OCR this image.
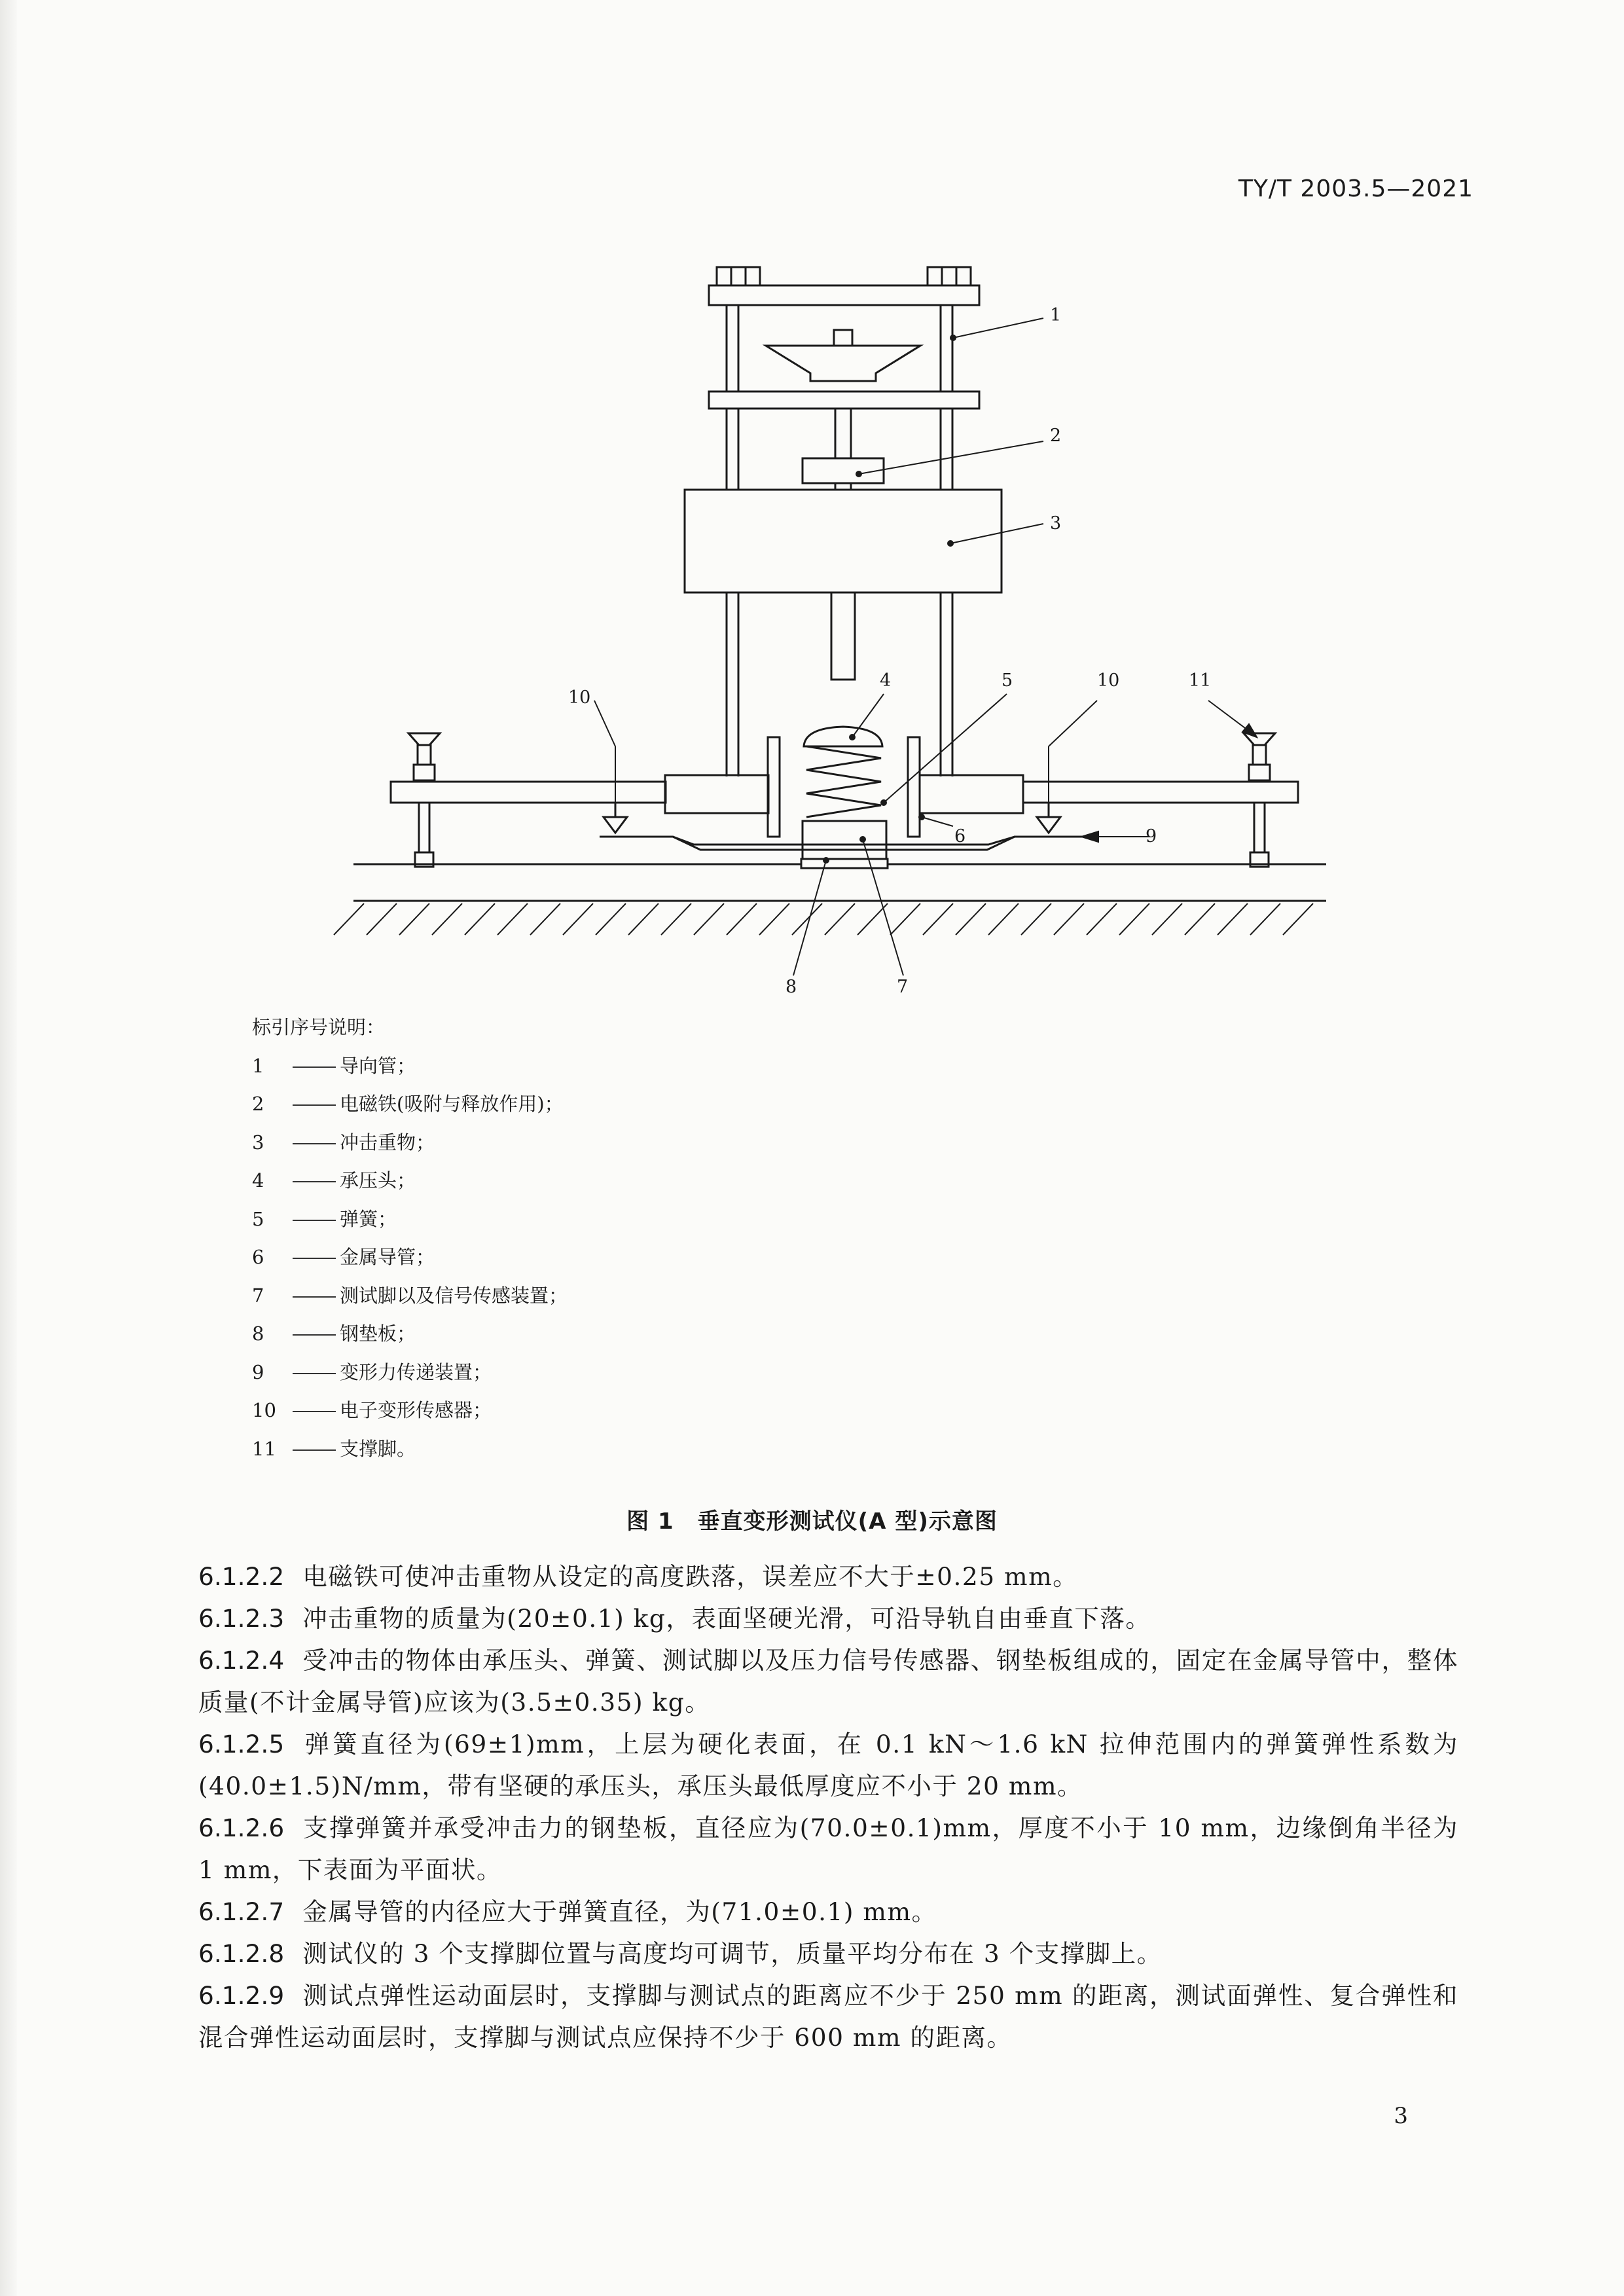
TY/T 2003.5—2021
1
2
3
4	5
6
7
8
9
10
10	11
标引序号说明：
1	导向管；
2	电磁铁(吸附与释放作用)；
3	冲击重物；
4	承压头；
5	弹簧；
6	金属导管；
7	测试脚以及信号传感装置；
8	钢垫板；
9	变形力传递装置；
10	电子变形传感器；
11	支撑脚。
图 1 垂直变形测试仪(A 型)示意图
6.1.2.2 电磁铁可使冲击重物从设定的高度跌落，误差应不大于±0.25 mm。
6.1.2.3 冲击重物的质量为(20±0.1) kg，表面坚硬光滑，可沿导轨自由垂直下落。
6.1.2.4 受冲击的物体由承压头、弹簧、测试脚以及压力信号传感器、钢垫板组成的，固定在金属导管中，整体质量(不计金属导管)应该为(3.5±0.35) kg。
6.1.2.5 弹簧直径为(69±1)mm，上层为硬化表面，在 0.1 kN～1.6 kN 拉伸范围内的弹簧弹性系数为(40.0±1.5)N/mm，带有坚硬的承压头，承压头最低厚度应不小于 20 mm。
6.1.2.6 支撑弹簧并承受冲击力的钢垫板，直径应为(70.0±0.1)mm，厚度不小于 10 mm，边缘倒角半径为 1 mm，下表面为平面状。
6.1.2.7 金属导管的内径应大于弹簧直径，为(71.0±0.1) mm。
6.1.2.8 测试仪的 3 个支撑脚位置与高度均可调节，质量平均分布在 3 个支撑脚上。
6.1.2.9 测试点弹性运动面层时，支撑脚与测试点的距离应不少于 250 mm 的距离，测试面弹性、复合弹性和混合弹性运动面层时，支撑脚与测试点应保持不少于 600 mm 的距离。
3
